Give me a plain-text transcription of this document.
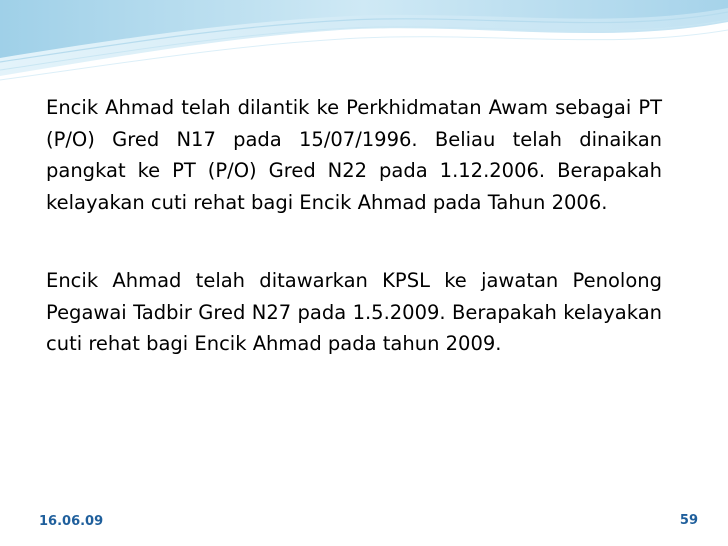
Encik Ahmad telah dilantik ke Perkhidmatan Awam sebagai PT (P/O) Gred N17 pada 15/07/1996. Beliau telah dinaikan pangkat ke PT (P/O) Gred N22 pada 1.12.2006. Berapakah kelayakan cuti rehat bagi Encik Ahmad pada Tahun 2006.

Encik Ahmad telah ditawarkan KPSL ke jawatan Penolong Pegawai Tadbir Gred N27 pada 1.5.2009. Berapakah kelayakan cuti rehat bagi Encik Ahmad pada tahun 2009.

16.06.09	59
